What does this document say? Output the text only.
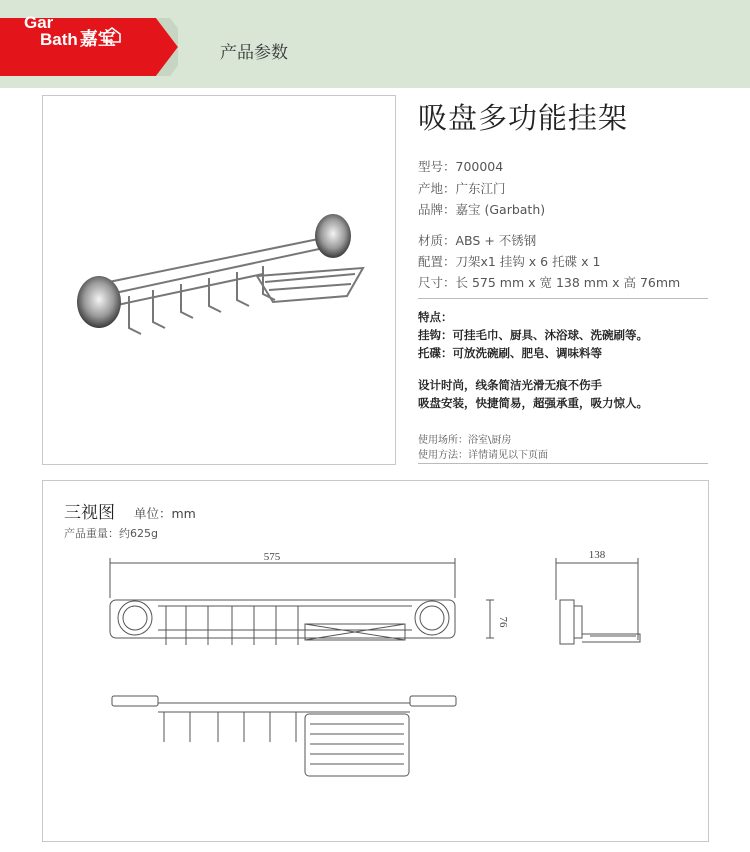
Gar

Bath 嘉宝
产品参数
吸盘多功能挂架
型号：700004
产地：广东江门
品牌：嘉宝 (Garbath)
材质：ABS + 不锈钢
配置：刀架x1 挂钩 x 6 托碟 x 1
尺寸：长 575 mm x 宽 138 mm x 高 76mm
特点：
挂钩：可挂毛巾、厨具、沐浴球、洗碗刷等。
托碟：可放洗碗刷、肥皂、调味料等
设计时尚，线条简洁光滑无痕不伤手
吸盘安装，快捷简易，超强承重，吸力惊人。
使用场所：浴室\厨房
使用方法：详情请见以下页面
三视图 单位：mm
产品重量：约625g
575	138
76
